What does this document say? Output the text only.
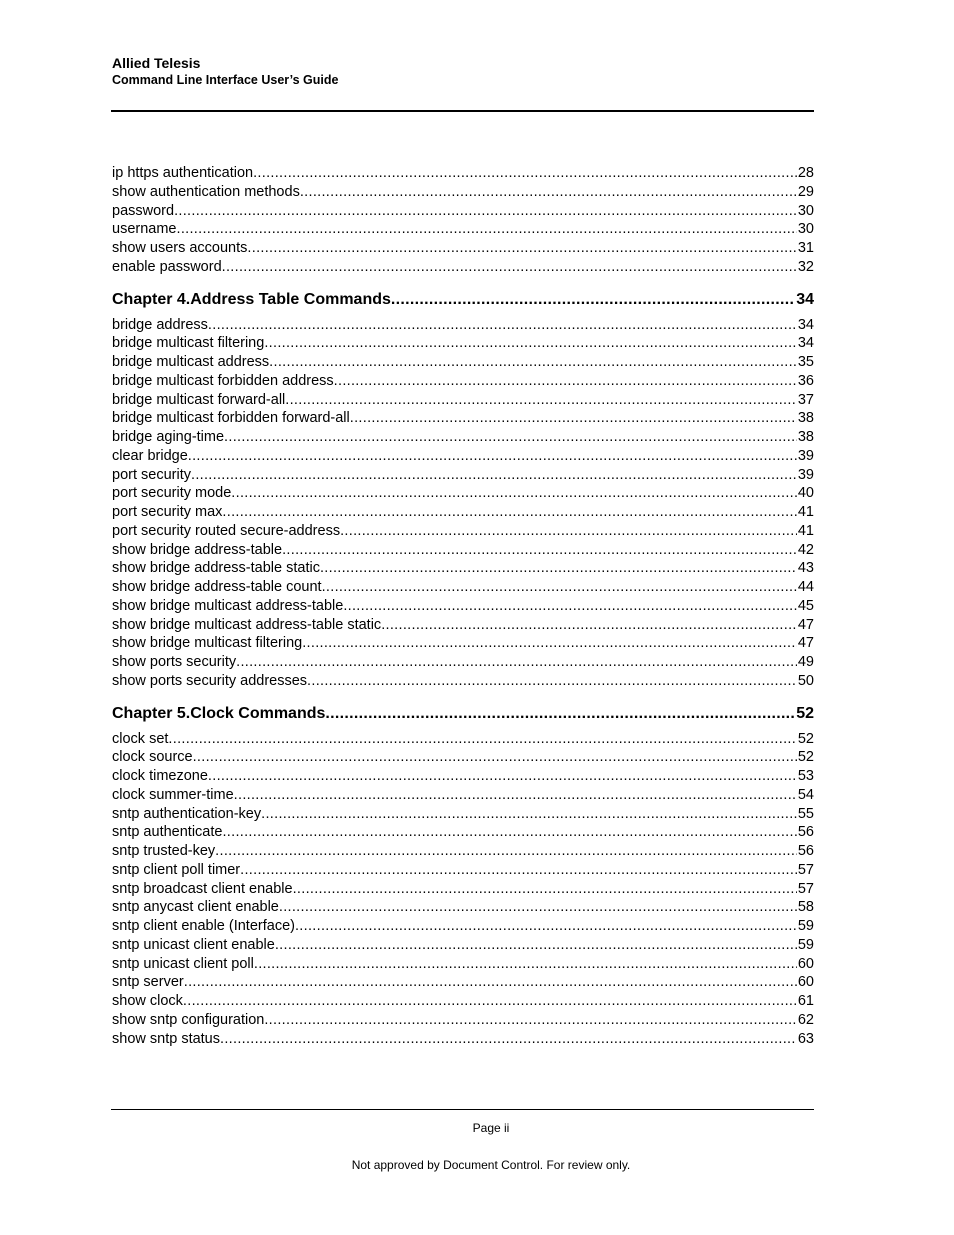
Allied Telesis
Command Line Interface User’s Guide
ip https authentication .....	28
show authentication methods .....	29
password .....	30
username .....	30
show users accounts .....	31
enable password .....	32
Chapter 4.Address Table Commands .....	34
bridge address .....	34
bridge multicast filtering .....	34
bridge multicast address .....	35
bridge multicast forbidden address .....	36
bridge multicast forward-all .....	37
bridge multicast forbidden forward-all .....	38
bridge aging-time .....	38
clear bridge .....	39
port security .....	39
port security mode .....	40
port security max .....	41
port security routed secure-address .....	41
show bridge address-table .....	42
show bridge address-table static .....	43
show bridge address-table count .....	44
show bridge multicast address-table .....	45
show bridge multicast address-table static .....	47
show bridge multicast filtering .....	47
show ports security .....	49
show ports security addresses .....	50
Chapter 5.Clock Commands .....	52
clock set .....	52
clock source .....	52
clock timezone .....	53
clock summer-time .....	54
sntp authentication-key .....	55
sntp authenticate .....	56
sntp trusted-key .....	56
sntp client poll timer .....	57
sntp broadcast client enable .....	57
sntp anycast client enable .....	58
sntp client enable (Interface) .....	59
sntp unicast client enable .....	59
sntp unicast client poll .....	60
sntp server .....	60
show clock .....	61
show sntp configuration .....	62
show sntp status .....	63
Page ii
Not approved by Document Control. For review only.
